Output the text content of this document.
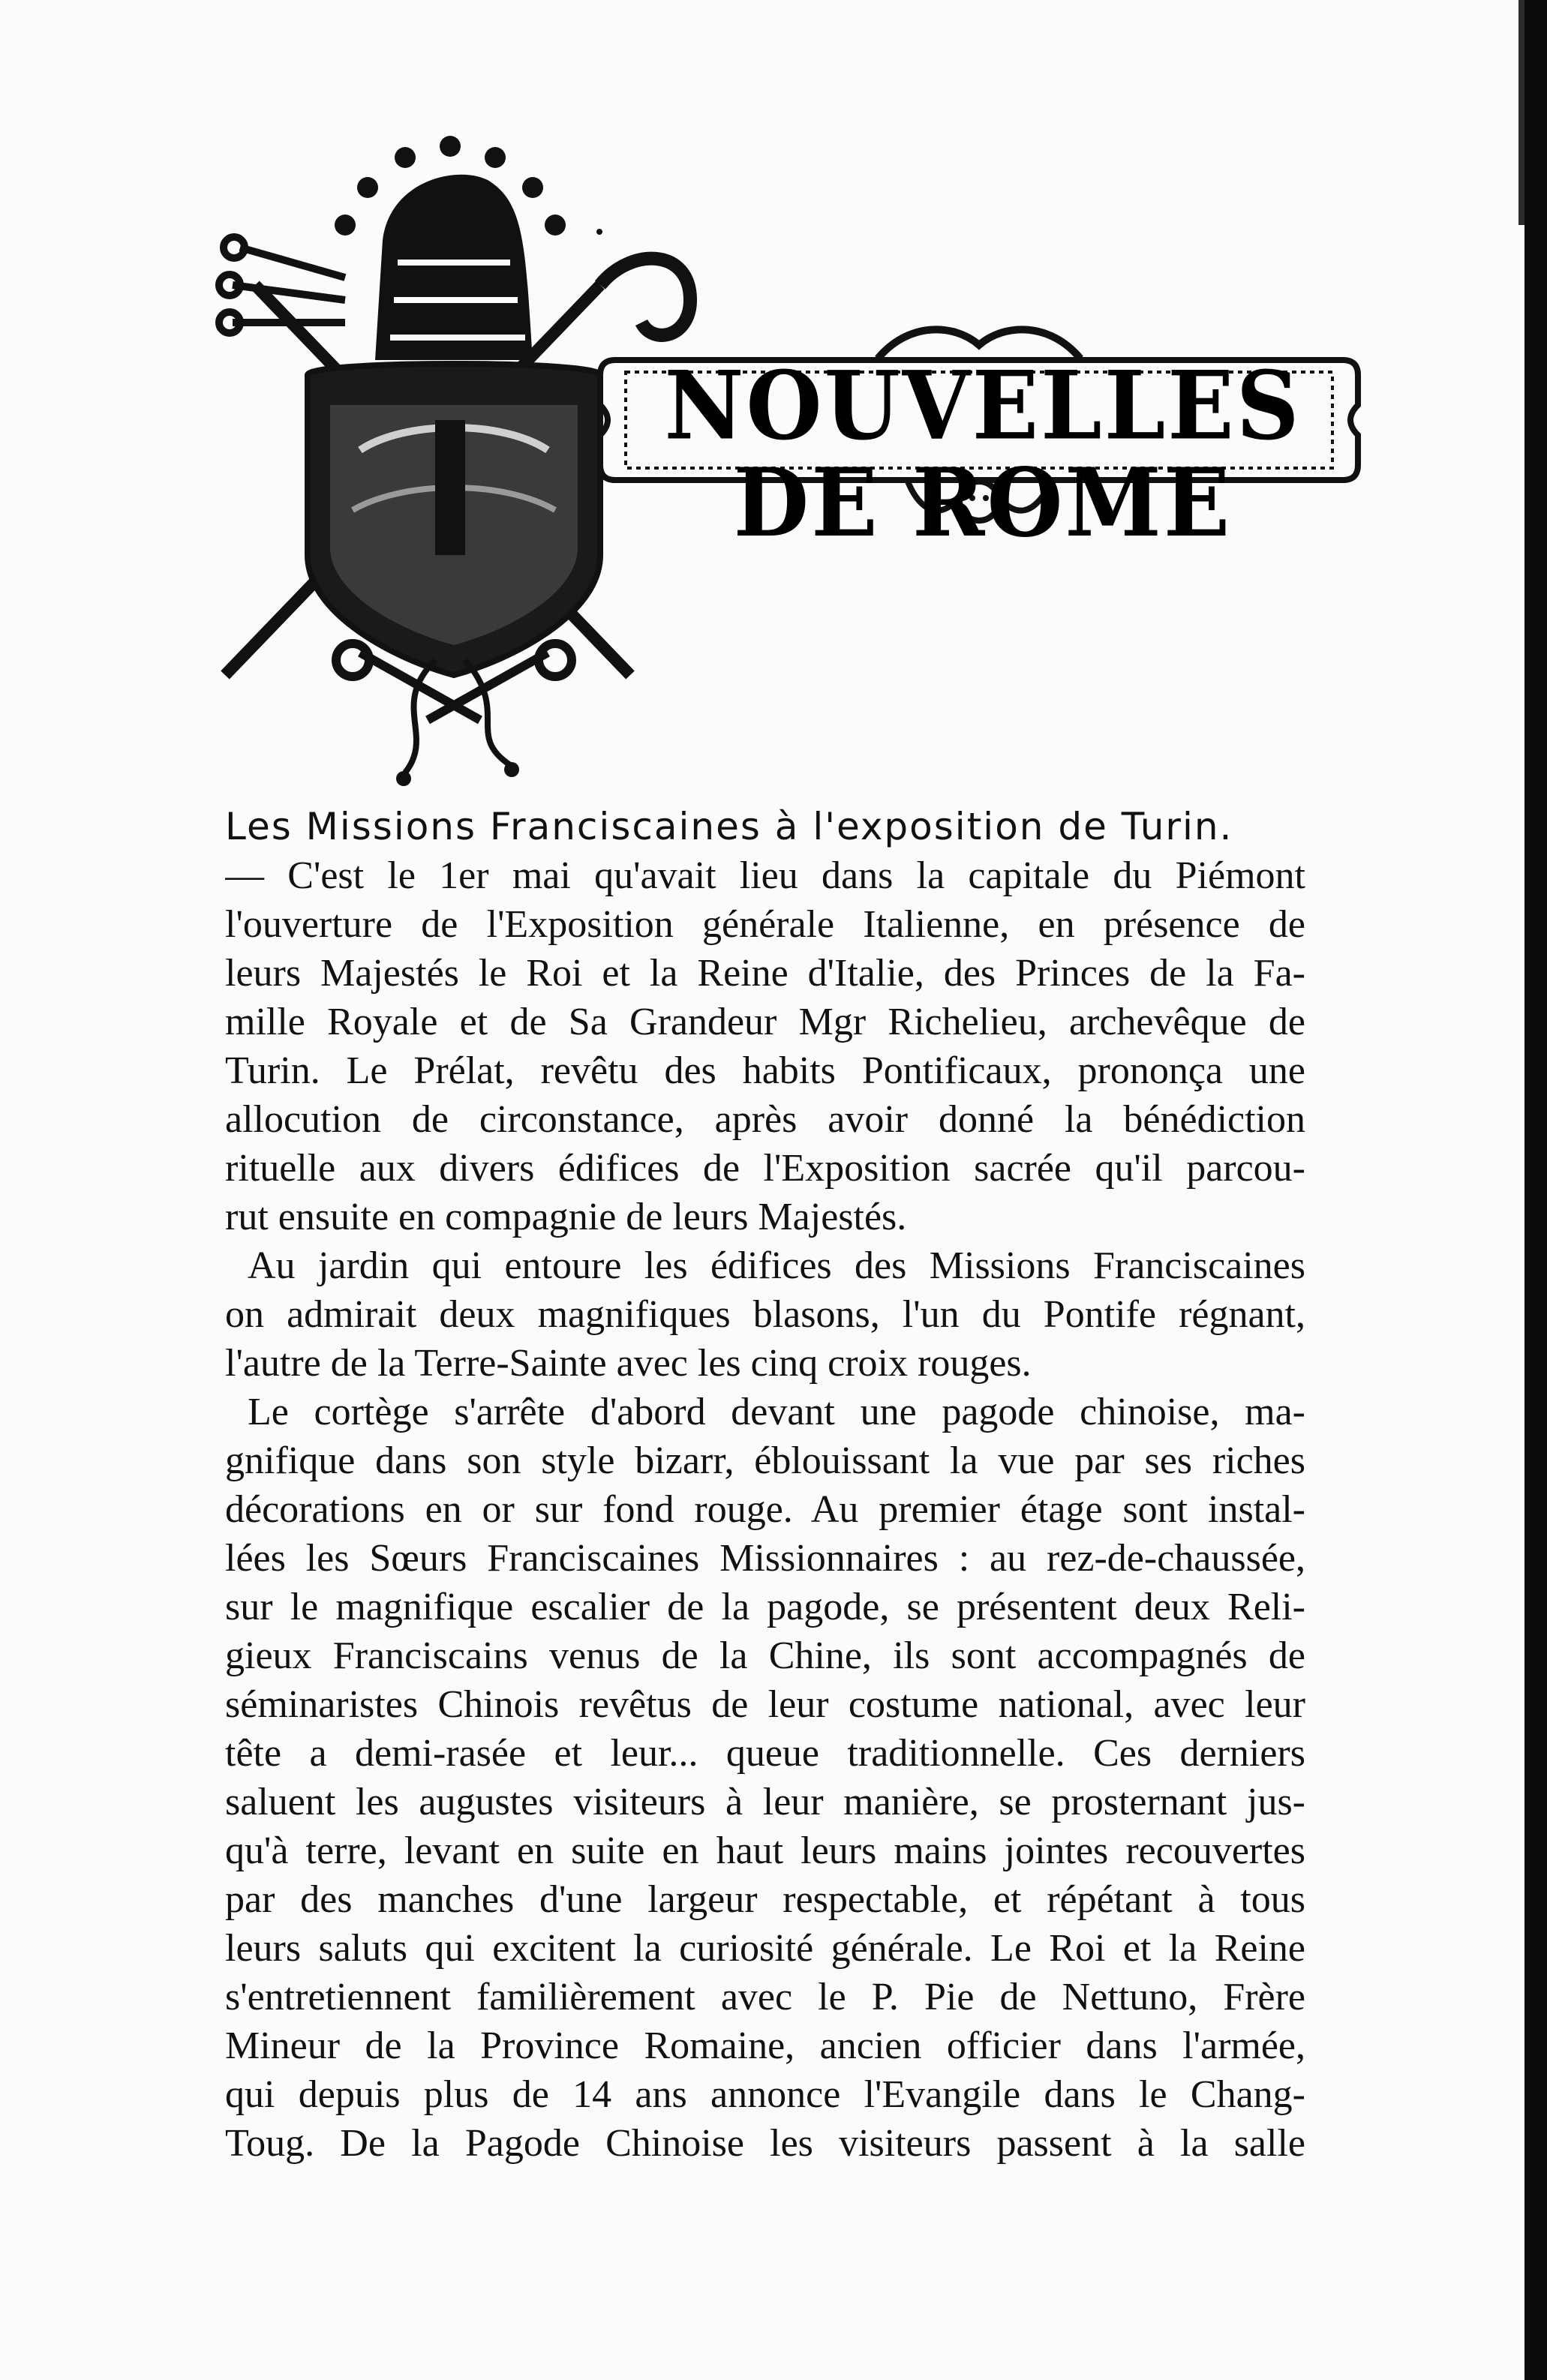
NOUVELLES DE ROME
Les Missions Franciscaines à l'exposition de Turin.
— C'est le 1er mai qu'avait lieu dans la capitale du Piémont
l'ouverture de l'Exposition générale Italienne, en présence de
leurs Majestés le Roi et la Reine d'Italie, des Princes de la Fa-
mille Royale et de Sa Grandeur Mgr Richelieu, archevêque de
Turin. Le Prélat, revêtu des habits Pontificaux, prononça une
allocution de circonstance, après avoir donné la bénédiction
rituelle aux divers édifices de l'Exposition sacrée qu'il parcou-
rut ensuite en compagnie de leurs Majestés.
Au jardin qui entoure les édifices des Missions Franciscaines
on admirait deux magnifiques blasons, l'un du Pontife régnant,
l'autre de la Terre-Sainte avec les cinq croix rouges.
Le cortège s'arrête d'abord devant une pagode chinoise, ma-
gnifique dans son style bizarr, éblouissant la vue par ses riches
décorations en or sur fond rouge. Au premier étage sont instal-
lées les Sœurs Franciscaines Missionnaires : au rez-de-chaussée,
sur le magnifique escalier de la pagode, se présentent deux Reli-
gieux Franciscains venus de la Chine, ils sont accompagnés de
séminaristes Chinois revêtus de leur costume national, avec leur
tête a demi-rasée et leur... queue traditionnelle. Ces derniers
saluent les augustes visiteurs à leur manière, se prosternant jus-
qu'à terre, levant en suite en haut leurs mains jointes recouvertes
par des manches d'une largeur respectable, et répétant à tous
leurs saluts qui excitent la curiosité générale. Le Roi et la Reine
s'entretiennent familièrement avec le P. Pie de Nettuno, Frère
Mineur de la Province Romaine, ancien officier dans l'armée,
qui depuis plus de 14 ans annonce l'Evangile dans le Chang-
Toug. De la Pagode Chinoise les visiteurs passent à la salle
